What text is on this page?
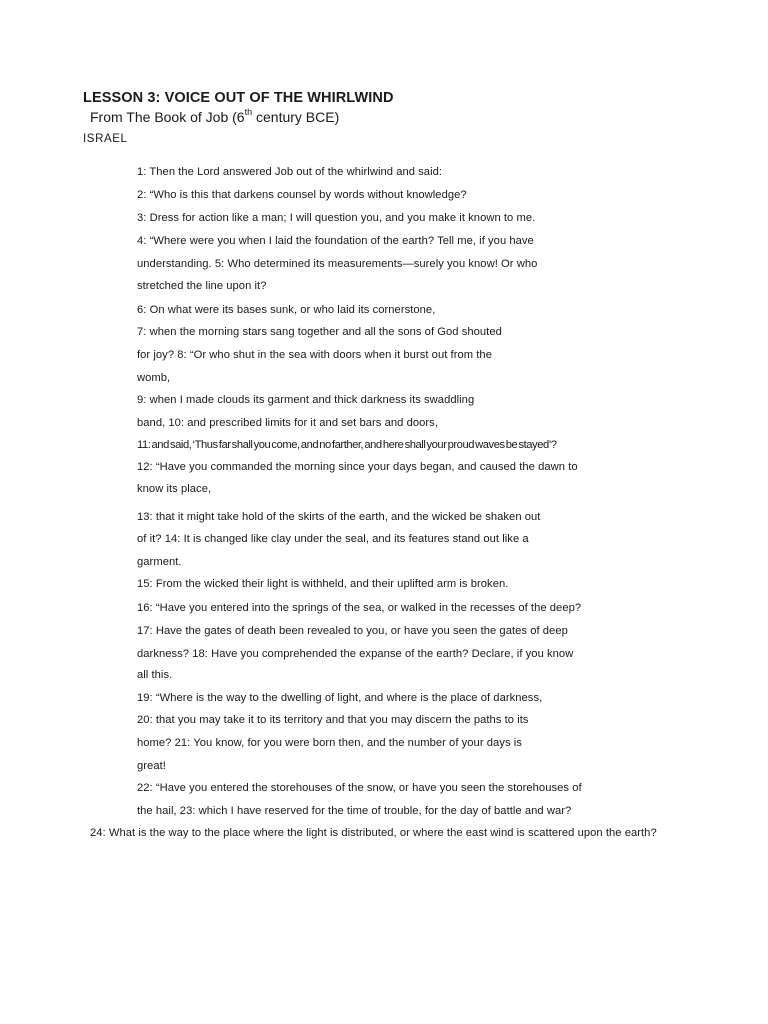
LESSON 3: VOICE OUT OF THE WHIRLWIND
From The Book of Job (6th century BCE)
ISRAEL
1: Then the Lord answered Job out of the whirlwind and said:
2: “Who is this that darkens counsel by words without knowledge?
3: Dress for action like a man; I will question you, and you make it known to me.
4: “Where were you when I laid the foundation of the earth? Tell me, if you have
understanding. 5: Who determined its measurements—surely you know! Or who
stretched the line upon it?
6: On what were its bases sunk, or who laid its cornerstone,
7: when the morning stars sang together and all the sons of God shouted
for joy? 8: “Or who shut in the sea with doors when it burst out from the
womb,
9: when I made clouds its garment and thick darkness its swaddling
band, 10: and prescribed limits for it and set bars and doors,
11: and said, ‘Thus far shall you come, and no farther, and here shall your proud waves be stayed’?
12: “Have you commanded the morning since your days began, and caused the dawn to
know its place,
13: that it might take hold of the skirts of the earth, and the wicked be shaken out
of it? 14: It is changed like clay under the seal, and its features stand out like a
garment.
15: From the wicked their light is withheld, and their uplifted arm is broken.
16: “Have you entered into the springs of the sea, or walked in the recesses of the deep?
17: Have the gates of death been revealed to you, or have you seen the gates of deep
darkness? 18: Have you comprehended the expanse of the earth? Declare, if you know
all this.
19: “Where is the way to the dwelling of light, and where is the place of darkness,
20: that you may take it to its territory and that you may discern the paths to its
home? 21: You know, for you were born then, and the number of your days is
great!
22: “Have you entered the storehouses of the snow, or have you seen the storehouses of
the hail, 23: which I have reserved for the time of trouble, for the day of battle and war?
24: What is the way to the place where the light is distributed, or where the east wind is scattered upon the earth?
